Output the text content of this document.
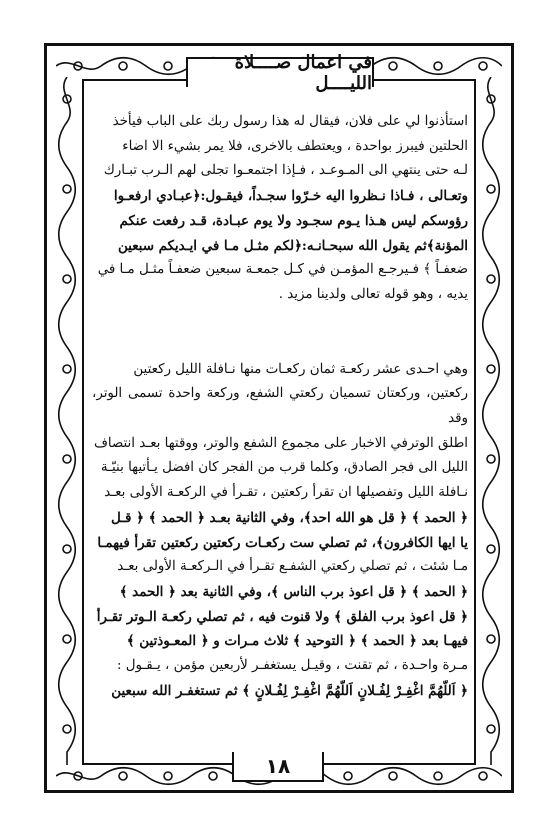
في اعمال صــــلاة الليــــل
١٨

استأذنوا لي على فلان، فيقال له هذا رسول ربك على الباب فيأخذ

الحلتين فيبرز بواحدة ، ويعتطف بالاخرى، فلا يمر بشيء الا اضاء

لـه حتى ينتهي الى المـوعـد ، فـإذا اجتمعـوا تجلى لهم الـرب تبـارك

وتعـالى ، فـاذا نـظروا اليه خـرّوا سجـداً، فيقـول:﴿عبـادي ارفعـوا

رؤوسكم ليس هـذا يـوم سجـود ولا يوم عبـادة، قـد رفعت عنكم

المؤنة﴾ثم يقول الله سبحـانـه:﴿لكم مثـل مـا في ايـديكم سبعين

ضعفـاً ﴾ فـيرجـع المؤمـن في كـل جمعـة سبعين ضعفـاً مثـل مـا في

يديه ، وهو قوله تعالى ولدينا مزيد .

وهي احـدى عشر ركعـة ثمان ركعـات منها نـافلة الليل ركعتين

ركعتين، وركعتان تسميان ركعتي الشفع، وركعة واحدة تسمى الوتر، وقد

اطلق الوترفي الاخبار على مجموع الشفع والوتر، ووقتها بعـد انتصاف

الليل الى فجر الصادق، وكلما قرب من الفجر كان افضل يـأتيها بنيّـة

نـافلة الليل وتفصيلها ان تقرأ ركعتين ، تقـرأ في الركعـة الأولى بعـد

﴿ الحمد ﴾ ﴿ قل هو الله احد﴾، وفي الثانية بعـد ﴿ الحمد ﴾ ﴿ قـل

يا ايها الكافرون﴾، ثم تصلي ست ركعـات ركعتين ركعتين تقرأ فيهمـا

مـا شئت ، ثم تصلي ركعتي الشفـع تقـرأ في الـركعـة الأولى بعـد

﴿ الحمد ﴾ ﴿ قل اعوذ برب الناس ﴾، وفي الثانية بعد ﴿ الحمد ﴾

﴿ قل اعوذ برب الفلق ﴾ ولا قنوت فيه ، ثم تصلي ركعـة الـوتر تقـرأ

فيهـا بعد ﴿ الحمد ﴾ ﴿ التوحيد ﴾ ثلاث مـرات و ﴿ المعـوذتين ﴾

مـرة واحـدة ، ثم تقنت ، وقيـل يستغفـر لأربعين مؤمن ، يـقـول :

﴿ اَللّهُمَّ اغْفِـرْ لِفُـلانٍ اَللّهُمَّ اغْفِـرْ لِفُـلانٍ ﴾ ثم تستغفـر الله سبعين
